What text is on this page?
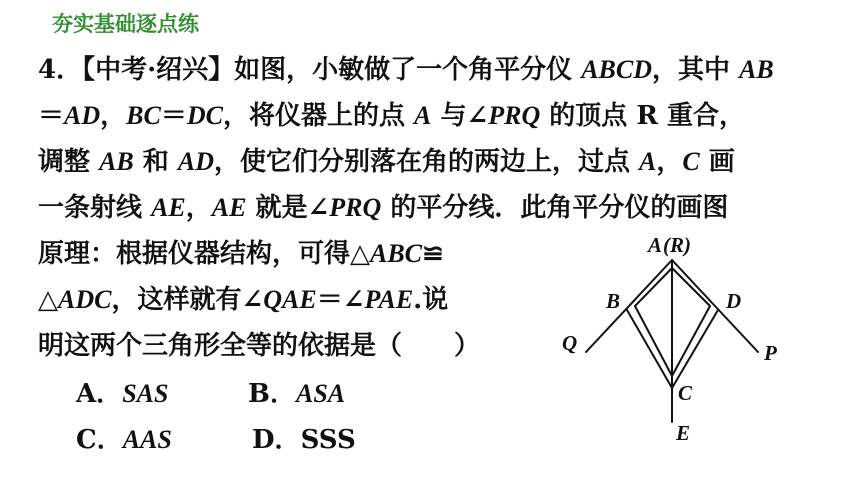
夯实基础逐点练
4．【中考·绍兴】如图，小敏做了一个角平分仪 ABCD，其中 AB
＝AD，BC＝DC，将仪器上的点 A 与∠PRQ 的顶点 R 重合，
调整 AB 和 AD，使它们分别落在角的两边上，过点 A，C 画
一条射线 AE，AE 就是∠PRQ 的平分线．此角平分仪的画图
原理：根据仪器结构，可得△ABC≌
△ADC，这样就有∠QAE＝∠PAE.说
明这两个三角形全等的依据是（　　）
A．SAS	B．ASA
C．AAS	D．SSS
A (R)
B	D
Q	P
C
E
